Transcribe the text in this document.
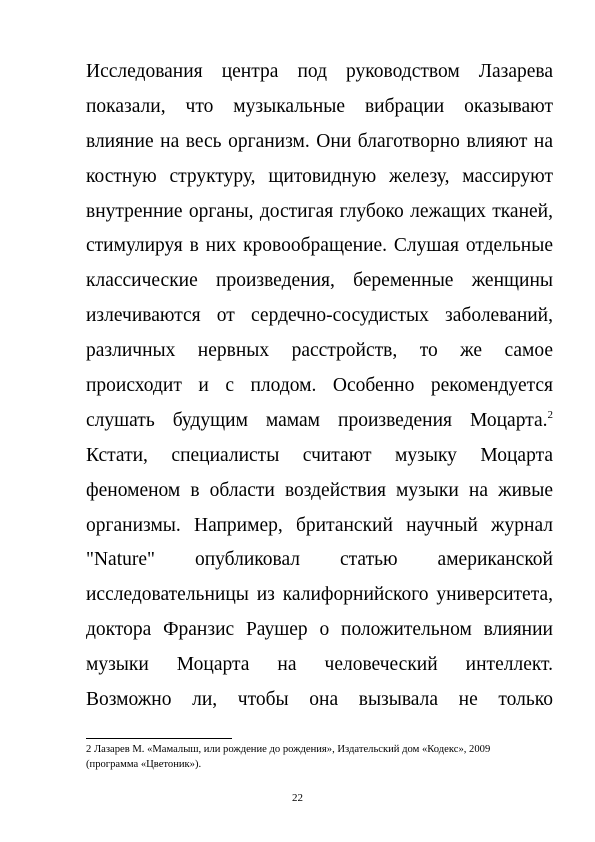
Исследования центра под руководством Лазарева
показали, что музыкальные вибрации оказывают
влияние на весь организм. Они благотворно влияют на
костную структуру, щитовидную железу, массируют
внутренние органы, достигая глубоко лежащих тканей,
стимулируя в них кровообращение. Слушая отдельные
классические произведения, беременные женщины
излечиваются от сердечно-сосудистых заболеваний,
различных нервных расстройств, то же самое
происходит и с плодом. Особенно рекомендуется
слушать будущим мамам произведения Моцарта.$^2$
Кстати, специалисты считают музыку Моцарта
феноменом в области воздействия музыки на живые
организмы. Например, британский научный журнал
"Nature" опубликовал статью американской
исследовательницы из калифорнийского университета,
доктора Франзис Раушер о положительном влиянии
музыки Моцарта на человеческий интеллект.
Возможно ли, чтобы она вызывала не только
2 Лазарев М. «Мамалыш, или рождение до рождения», Издательский дом «Кодекс», 2009
(программа «Цветоник»).
22
